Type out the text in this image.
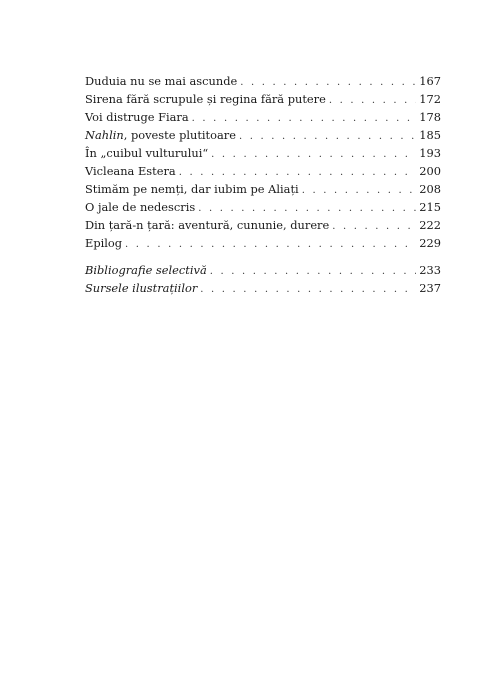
Duduia nu se mai ascunde . . .	167
Sirena fără scrupule și regina fără putere . . .	172
Voi distruge Fiara . . .	178
Nahlin, poveste plutitoare . . .	185
În „cuibul vulturului“ . . .	193
Vicleana Estera . . .	200
Stimăm pe nemți, dar iubim pe Aliați . . .	208
O jale de nedescris . . .	215
Din țară-n țară: aventură, cununie, durere . . .	222
Epilog . . .	229
Bibliografie selectivă . . .	233
Sursele ilustrațiilor . . .	237
